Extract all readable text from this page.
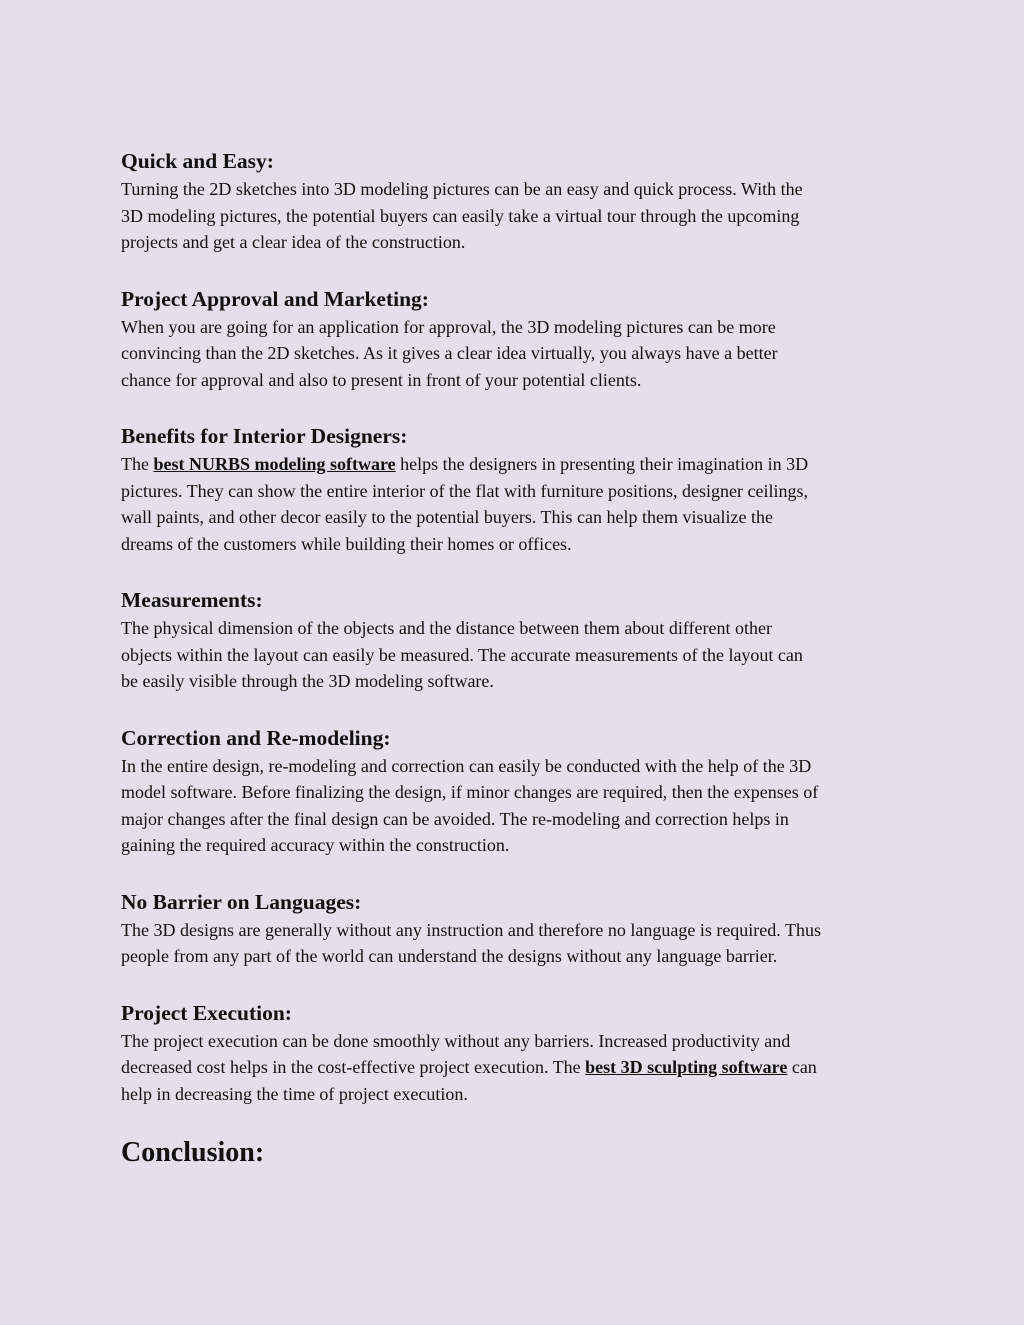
Quick and Easy:

Turning the 2D sketches into 3D modeling pictures can be an easy and quick process. With the
3D modeling pictures, the potential buyers can easily take a virtual tour through the upcoming
projects and get a clear idea of the construction.

Project Approval and Marketing:

When you are going for an application for approval, the 3D modeling pictures can be more
convincing than the 2D sketches. As it gives a clear idea virtually, you always have a better
chance for approval and also to present in front of your potential clients.

Benefits for Interior Designers:

The best NURBS modeling software helps the designers in presenting their imagination in 3D
pictures. They can show the entire interior of the flat with furniture positions, designer ceilings,
wall paints, and other decor easily to the potential buyers. This can help them visualize the
dreams of the customers while building their homes or offices.

Measurements:

The physical dimension of the objects and the distance between them about different other
objects within the layout can easily be measured. The accurate measurements of the layout can
be easily visible through the 3D modeling software.

Correction and Re-modeling:

In the entire design, re-modeling and correction can easily be conducted with the help of the 3D
model software. Before finalizing the design, if minor changes are required, then the expenses of
major changes after the final design can be avoided. The re-modeling and correction helps in
gaining the required accuracy within the construction.

No Barrier on Languages:

The 3D designs are generally without any instruction and therefore no language is required. Thus
people from any part of the world can understand the designs without any language barrier.

Project Execution:

The project execution can be done smoothly without any barriers. Increased productivity and
decreased cost helps in the cost-effective project execution. The best 3D sculpting software can
help in decreasing the time of project execution.

Conclusion:
